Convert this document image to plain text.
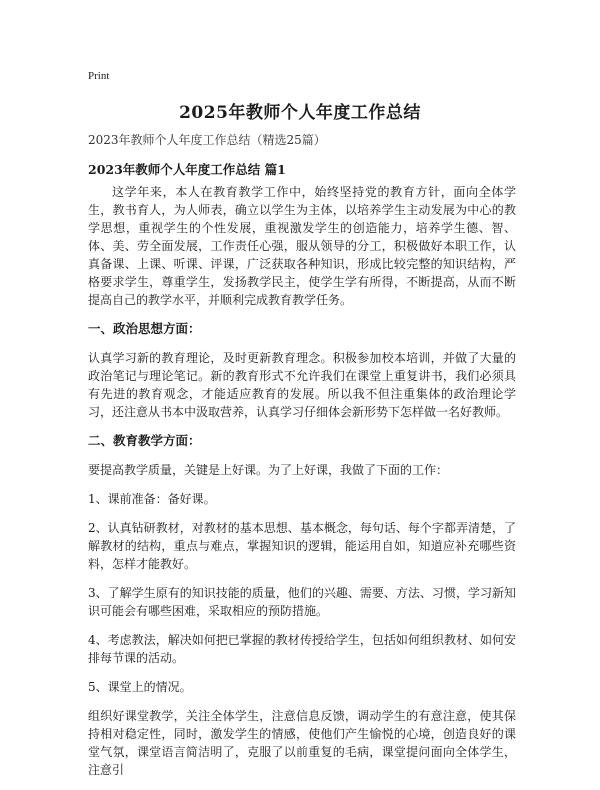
Print
2025年教师个人年度工作总结
2023年教师个人年度工作总结（精选25篇）
2023年教师个人年度工作总结 篇1

这学年来，本人在教育教学工作中，始终坚持党的教育方针，面向全体学生，教书育人，为人师表，确立以学生为主体，以培养学生主动发展为中心的教学思想，重视学生的个性发展，重视激发学生的创造能力，培养学生德、智、体、美、劳全面发展，工作责任心强，服从领导的分工，积极做好本职工作，认真备课、上课、听课、评课，广泛获取各种知识，形成比较完整的知识结构，严格要求学生，尊重学生，发扬教学民主，使学生学有所得，不断提高，从而不断提高自己的教学水平，并顺利完成教育教学任务。

一、政治思想方面：

认真学习新的教育理论，及时更新教育理念。积极参加校本培训，并做了大量的政治笔记与理论笔记。新的教育形式不允许我们在课堂上重复讲书，我们必须具有先进的教育观念，才能适应教育的发展。所以我不但注重集体的政治理论学习，还注意从书本中汲取营养，认真学习仔细体会新形势下怎样做一名好教师。

二、教育教学方面：

要提高教学质量，关键是上好课。为了上好课，我做了下面的工作：

1、课前准备：备好课。

2、认真钻研教材，对教材的基本思想、基本概念，每句话、每个字都弄清楚，了解教材的结构，重点与难点，掌握知识的逻辑，能运用自如，知道应补充哪些资料，怎样才能教好。

3、了解学生原有的知识技能的质量，他们的兴趣、需要、方法、习惯，学习新知识可能会有哪些困难，采取相应的预防措施。

4、考虑教法，解决如何把已掌握的教材传授给学生，包括如何组织教材、如何安排每节课的活动。

5、课堂上的情况。

组织好课堂教学，关注全体学生，注意信息反馈，调动学生的有意注意，使其保持相对稳定性，同时，激发学生的情感，使他们产生愉悦的心境，创造良好的课堂气氛，课堂语言简洁明了，克服了以前重复的毛病，课堂提问面向全体学生，注意引
